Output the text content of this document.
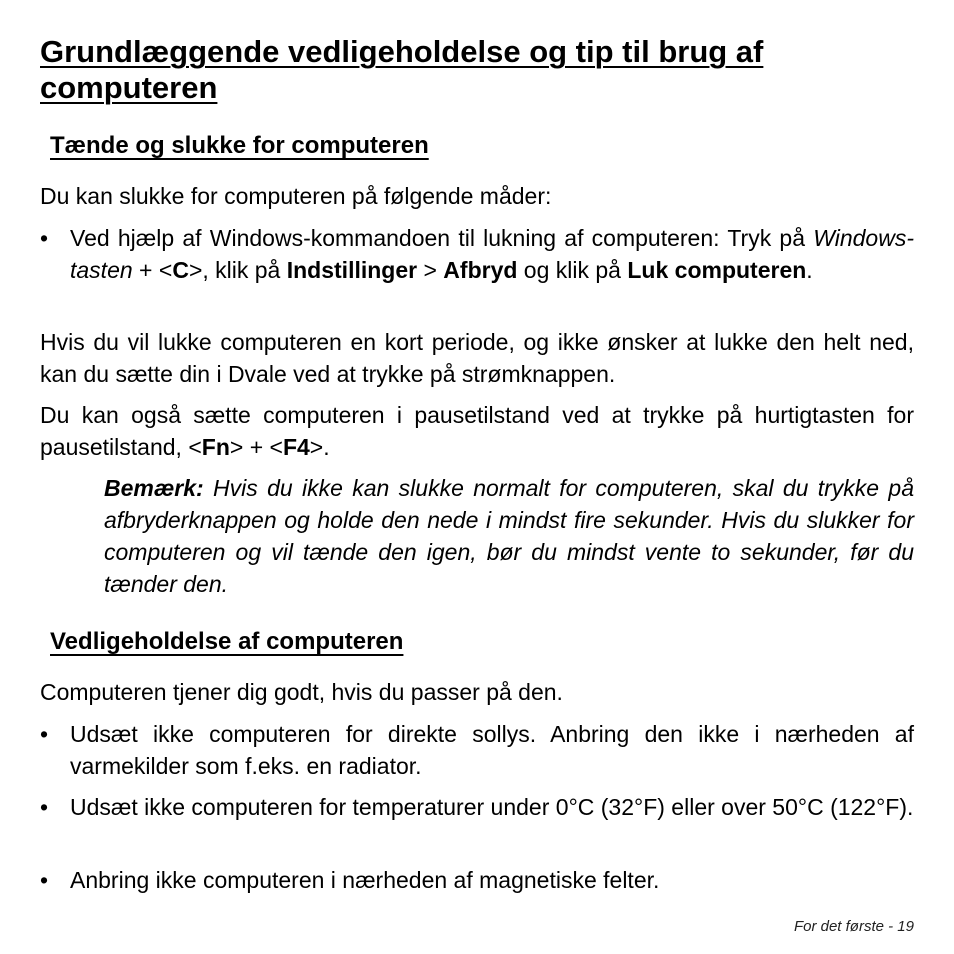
Grundlæggende vedligeholdelse og tip til brug af
computeren
Tænde og slukke for computeren

Du kan slukke for computeren på følgende måder:

• Ved hjælp af Windows-kommandoen til lukning af computeren: Tryk på Windows-tasten + <C>, klik på Indstillinger > Afbryd og klik på Luk computeren.

Hvis du vil lukke computeren en kort periode, og ikke ønsker at lukke den helt ned, kan du sætte din i Dvale ved at trykke på strømknappen.

Du kan også sætte computeren i pausetilstand ved at trykke på hurtigtasten for pausetilstand, <Fn> + <F4>.

Bemærk: Hvis du ikke kan slukke normalt for computeren, skal du trykke på afbryderknappen og holde den nede i mindst fire sekunder. Hvis du slukker for computeren og vil tænde den igen, bør du mindst vente to sekunder, før du tænder den.

Vedligeholdelse af computeren

Computeren tjener dig godt, hvis du passer på den.

• Udsæt ikke computeren for direkte sollys. Anbring den ikke i nærheden af varmekilder som f.eks. en radiator.
• Udsæt ikke computeren for temperaturer under 0°C (32°F) eller over 50°C (122°F).
• Anbring ikke computeren i nærheden af magnetiske felter.
For det første - 19
